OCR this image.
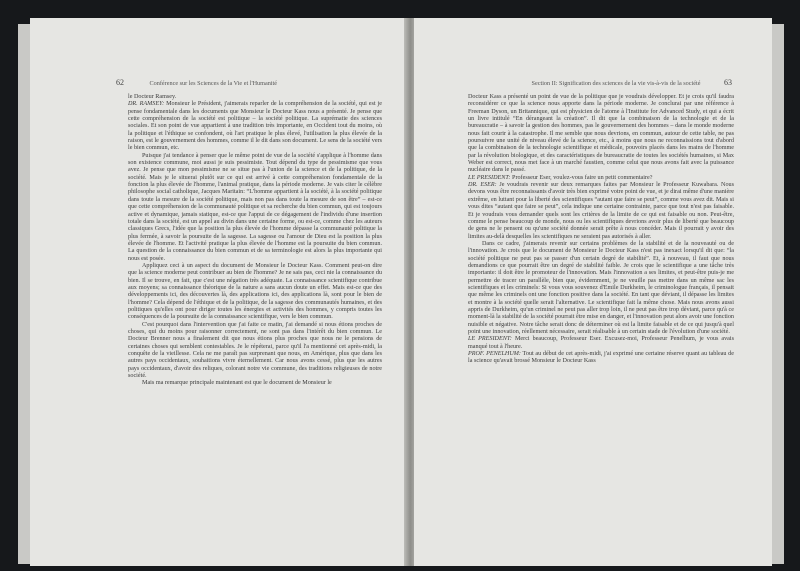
62	Conférence sur les Sciences de la Vie et l'Humanité

le Docteur Ramsey.

DR. RAMSEY: Monsieur le Président, j'aimerais reparler de la compréhension de la société, qui est je pense fondamentale dans les documents que Monsieur le Docteur Kass nous a présenté. Je pense que cette compréhension de la société est politique – la société politique. La suprématie des sciences sociales. Et son point de vue appartient à une tradition très importante, en Occident tout du moins, où la politique et l'éthique se confondent, où l'art pratique le plus élevé, l'utilisation la plus élevée de la raison, est le gouvernement des hommes, comme il le dit dans son document. Le sens de la société vers le bien commun, etc.

Puisque j'ai tendance à penser que le même point de vue de la société s'applique à l'homme dans son existence commune, moi aussi je suis pessimiste. Tout dépend du type de pessimisme que vous avez. Je pense que mon pessimisme ne se situe pas à l'union de la science et de la politique, de la société. Mais je le situerai plutôt sur ce qui est arrivé à cette compréhension fondamentale de la fonction la plus élevée de l'homme, l'animal pratique, dans la période moderne. Je vais citer le célèbre philosophe social catholique, Jacques Maritain: “L'homme appartient à la société, à la société politique dans toute la mesure de la société politique, mais non pas dans toute la mesure de son être” – est-ce que cette compréhension de la communauté politique et sa recherche du bien commun, qui est toujours active et dynamique, jamais statique, est-ce que l'appui de ce dégagement de l'individu d'une insertion totale dans la société, est un appel au divin dans une certaine forme, ou est-ce, comme chez les auteurs classiques Grecs, l'idée que la position la plus élevée de l'homme dépasse la communauté politique la plus fermée, à savoir la poursuite de la sagesse. La sagesse ou l'amour de Dieu est la position la plus élevée de l'homme. Et l'activité pratique la plus élevée de l'homme est la poursuite du bien commun. La question de la connaissance du bien commun et de sa terminologie est alors la plus importante qui nous est posée.

Appliquez ceci à un aspect du document de Monsieur le Docteur Kass. Comment peut-on dire que la science moderne peut contribuer au bien de l'homme? Je ne sais pas, ceci nie la connaissance du bien. Il se trouve, en fait, que c'est une négation très adéquate. La connaissance scientifique contribue aux moyens; sa connaissance théorique de la nature a sans aucun doute un effet. Mais est-ce que des développements ici, des découvertes là, des applications ici, des applications là, sont pour le bien de l'homme? Cela dépend de l'éthique et de la politique, de la sagesse des communautés humaines, et des politiques qu'elles ont pour diriger toutes les énergies et activités des hommes, y compris toutes les conséquences de la poursuite de la connaissance scientifique, vers le bien commun.

C'est pourquoi dans l'intervention que j'ai faite ce matin, j'ai demandé si nous étions proches de choses, qui du moins pour raisonner correctement, ne sont pas dans l'intérêt du bien commun. Le Docteur Brenner nous a finalement dit que nous étions plus proches que nous ne le pensions de certaines choses qui semblent contestables. Je le répéterai, parce qu'il l'a mentionné cet après-midi, la conquête de la vieillesse. Cela ne me paraît pas surprenant que nous, en Amérique, plus que dans les autres pays occidentaux, souhaitions vivre éternellement. Car nous avons cessé, plus que les autres pays occidentaux, d'avoir des reliques, colorant notre vie commune, des traditions religieuses de notre société.

Mais ma remarque principale maintenant est que le document de Monsieur le

Section II: Signification des sciences de la vie vis-à-vis de la société	63

Docteur Kass a présenté un point de vue de la politique que je voudrais développer. Et je crois qu'il faudra reconsidérer ce que la science nous apporte dans la période moderne. Je conclurai par une référence à Freeman Dyson, un Britannique, qui est physicien de l'atome à l'Institute for Advanced Study, et qui a écrit un livre intitulé “En dérangeant la création”. Il dit que la combinaison de la technologie et de la bureaucratie – à savoir la gestion des hommes, pas le gouvernement des hommes – dans le monde moderne nous fait courir à la catastrophe. Il me semble que nous devrions, en commun, autour de cette table, ne pas poursuivre une unité de niveau élevé de la science, etc., à moins que nous ne reconnaissions tout d'abord que la combinaison de la technologie scientifique et médicale, pouvoirs placés dans les mains de l'homme par la révolution biologique, et des caractéristiques de bureaucratie de toutes les sociétés humaines, si Max Weber est correct, nous met face à un marché faustien, comme celui que nous avons fait avec la puissance nucléaire dans le passé.

LE PRESIDENT: Professeur Eser, voulez-vous faire un petit commentaire?

DR. ESER: Je voudrais revenir sur deux remarques faites par Monsieur le Professeur Kuwabara. Nous devons vous être reconnaissants d'avoir très bien exprimé votre point de vue, et je dirai même d'une manière extrême, en luttant pour la liberté des scientifiques “autant que faire se peut”, comme vous avez dit. Mais si vous dites “autant que faire se peut”, cela indique une certaine contrainte, parce que tout n'est pas faisable. Et je voudrais vous demander quels sont les critères de la limite de ce qui est faisable ou non. Peut-être, comme le pense beaucoup de monde, nous ou les scientifiques devrions avoir plus de liberté que beaucoup de gens ne le pensent ou qu'une société donnée serait prête à nous concéder. Mais il pourrait y avoir des limites au-delà desquelles les scientifiques ne seraient pas autorisés à aller.

Dans ce cadre, j'aimerais revenir sur certains problèmes de la stabilité et de la nouveauté ou de l'innovation. Je crois que le document de Monsieur le Docteur Kass n'est pas inexact lorsqu'il dit que: “la société politique ne peut pas se passer d'un certain degré de stabilité”. Et, à nouveau, il faut que nous demandions ce que pourrait être un degré de stabilité faible. Je crois que le scientifique a une tâche très importante: il doit être le promoteur de l'innovation. Mais l'innovation a ses limites, et peut-être puis-je me permettre de tracer un parallèle, bien que, évidemment, je ne veuille pas mettre dans un même sac les scientifiques et les criminels: Si vous vous souvenez d'Emile Durkheim, le criminologue français, il pensait que même les criminels ont une fonction positive dans la société. En tant que déviant, il dépasse les limites et montre à la société quelle serait l'alternative. Le scientifique fait la même chose. Mais nous avons aussi appris de Durkheim, qu'un criminel ne peut pas aller trop loin, il ne peut pas être trop déviant, parce qu'à ce moment-là la stabilité de la société pourrait être mise en danger, et l'innovation peut alors avoir une fonction nuisible et négative. Notre tâche serait donc de déterminer où est la limite faisable et de ce qui jusqu'à quel point une innovation, réellement nécessaire, serait réalisable à un certain stade de l'évolution d'une société.

LE PRESIDENT: Merci beaucoup, Professeur Eser. Excusez-moi, Professeur Penelhum, je vous avais manqué tout à l'heure.

PROF. PENELHUM: Tout au début de cet après-midi, j'ai exprimé une certaine réserve quant au tableau de la science qu'avait brossé Monsieur le Docteur Kass
